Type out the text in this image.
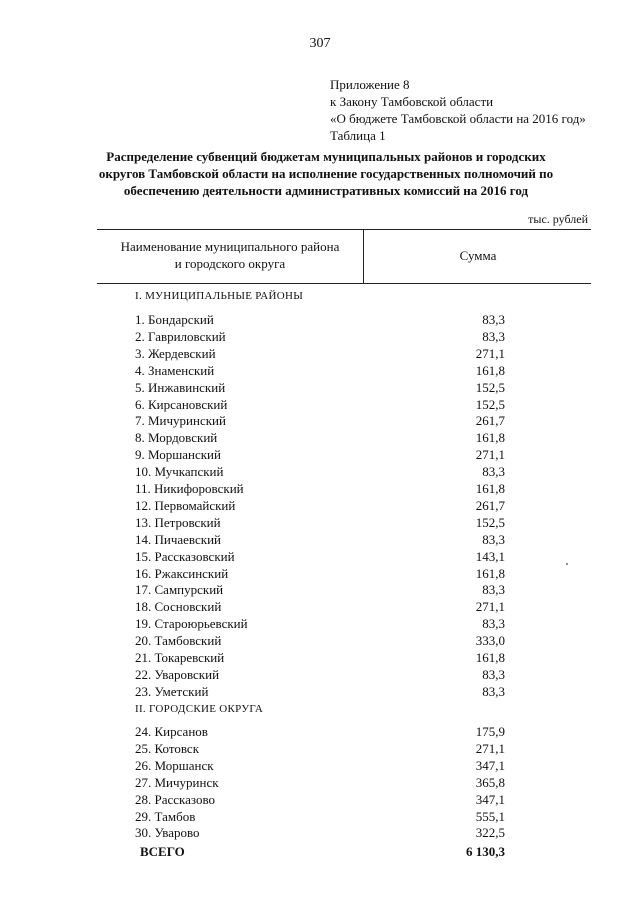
307
Приложение 8
к Закону Тамбовской области
«О бюджете Тамбовской области на 2016 год»
Таблица 1
Распределение субвенций бюджетам муниципальных районов и городских
округов Тамбовской области на исполнение государственных полномочий по
обеспечению деятельности административных комиссий на 2016 год
тыс. рублей
Наименование муниципального района
и городского округа
Сумма
I. МУНИЦИПАЛЬНЫЕ РАЙОНЫ
1. Бондарский	83,3
2. Гавриловский	83,3
3. Жердевский	271,1
4. Знаменский	161,8
5. Инжавинский	152,5
6. Кирсановский	152,5
7. Мичуринский	261,7
8. Мордовский	161,8
9. Моршанский	271,1
10. Мучкапский	83,3
11. Никифоровский	161,8
12. Первомайский	261,7
13. Петровский	152,5
14. Пичаевский	83,3
15. Рассказовский	143,1
16. Ржаксинский	161,8
17. Сампурский	83,3
18. Сосновский	271,1
19. Староюрьевский	83,3
20. Тамбовский	333,0
21. Токаревский	161,8
22. Уваровский	83,3
23. Уметский	83,3
II. ГОРОДСКИЕ ОКРУГА
24. Кирсанов	175,9
25. Котовск	271,1
26. Моршанск	347,1
27. Мичуринск	365,8
28. Рассказово	347,1
29. Тамбов	555,1
30. Уварово	322,5
ВСЕГО	6 130,3
